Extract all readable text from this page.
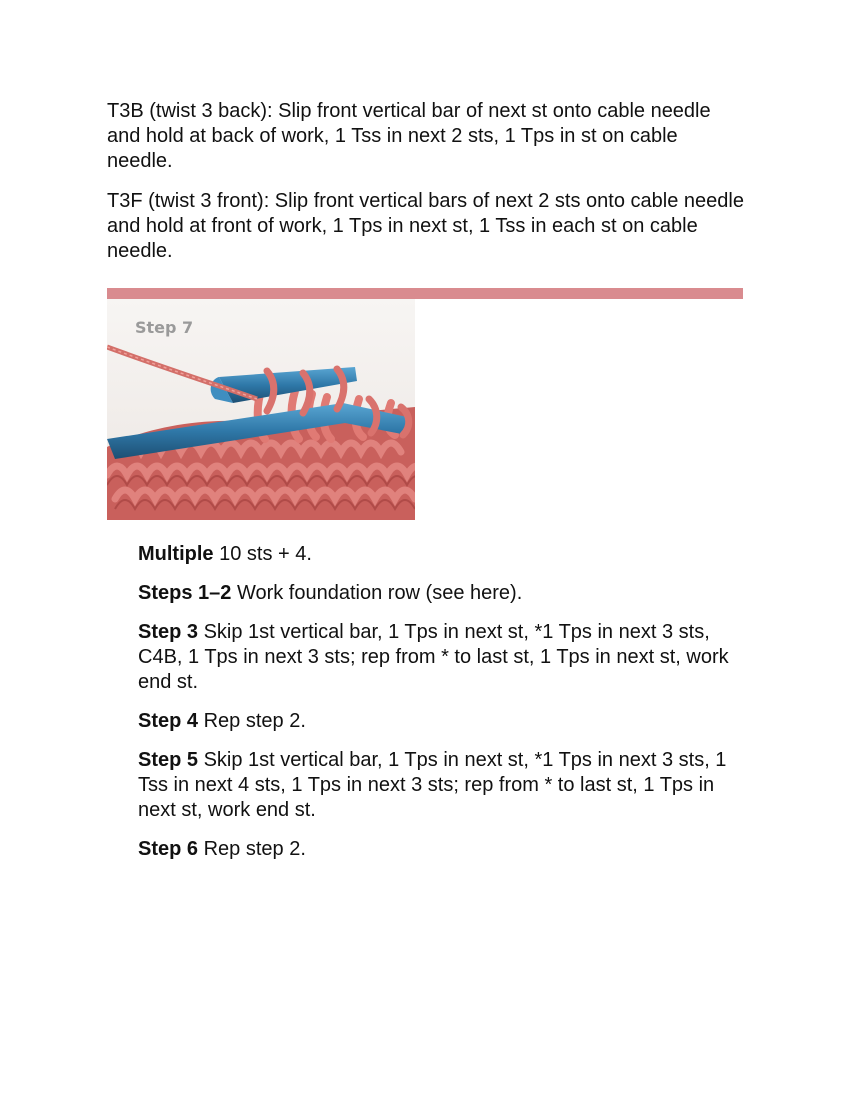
T3B (twist 3 back): Slip front vertical bar of next st onto cable needle and hold at back of work, 1 Tss in next 2 sts, 1 Tps in st on cable needle.

T3F (twist 3 front): Slip front vertical bars of next 2 sts onto cable needle and hold at front of work, 1 Tps in next st, 1 Tss in each st on cable needle.

Step 7

Multiple 10 sts + 4.

Steps 1–2 Work foundation row (see here).

Step 3 Skip 1st vertical bar, 1 Tps in next st, *1 Tps in next 3 sts, C4B, 1 Tps in next 3 sts; rep from * to last st, 1 Tps in next st, work end st.

Step 4 Rep step 2.

Step 5 Skip 1st vertical bar, 1 Tps in next st, *1 Tps in next 3 sts, 1 Tss in next 4 sts, 1 Tps in next 3 sts; rep from * to last st, 1 Tps in next st, work end st.

Step 6 Rep step 2.
